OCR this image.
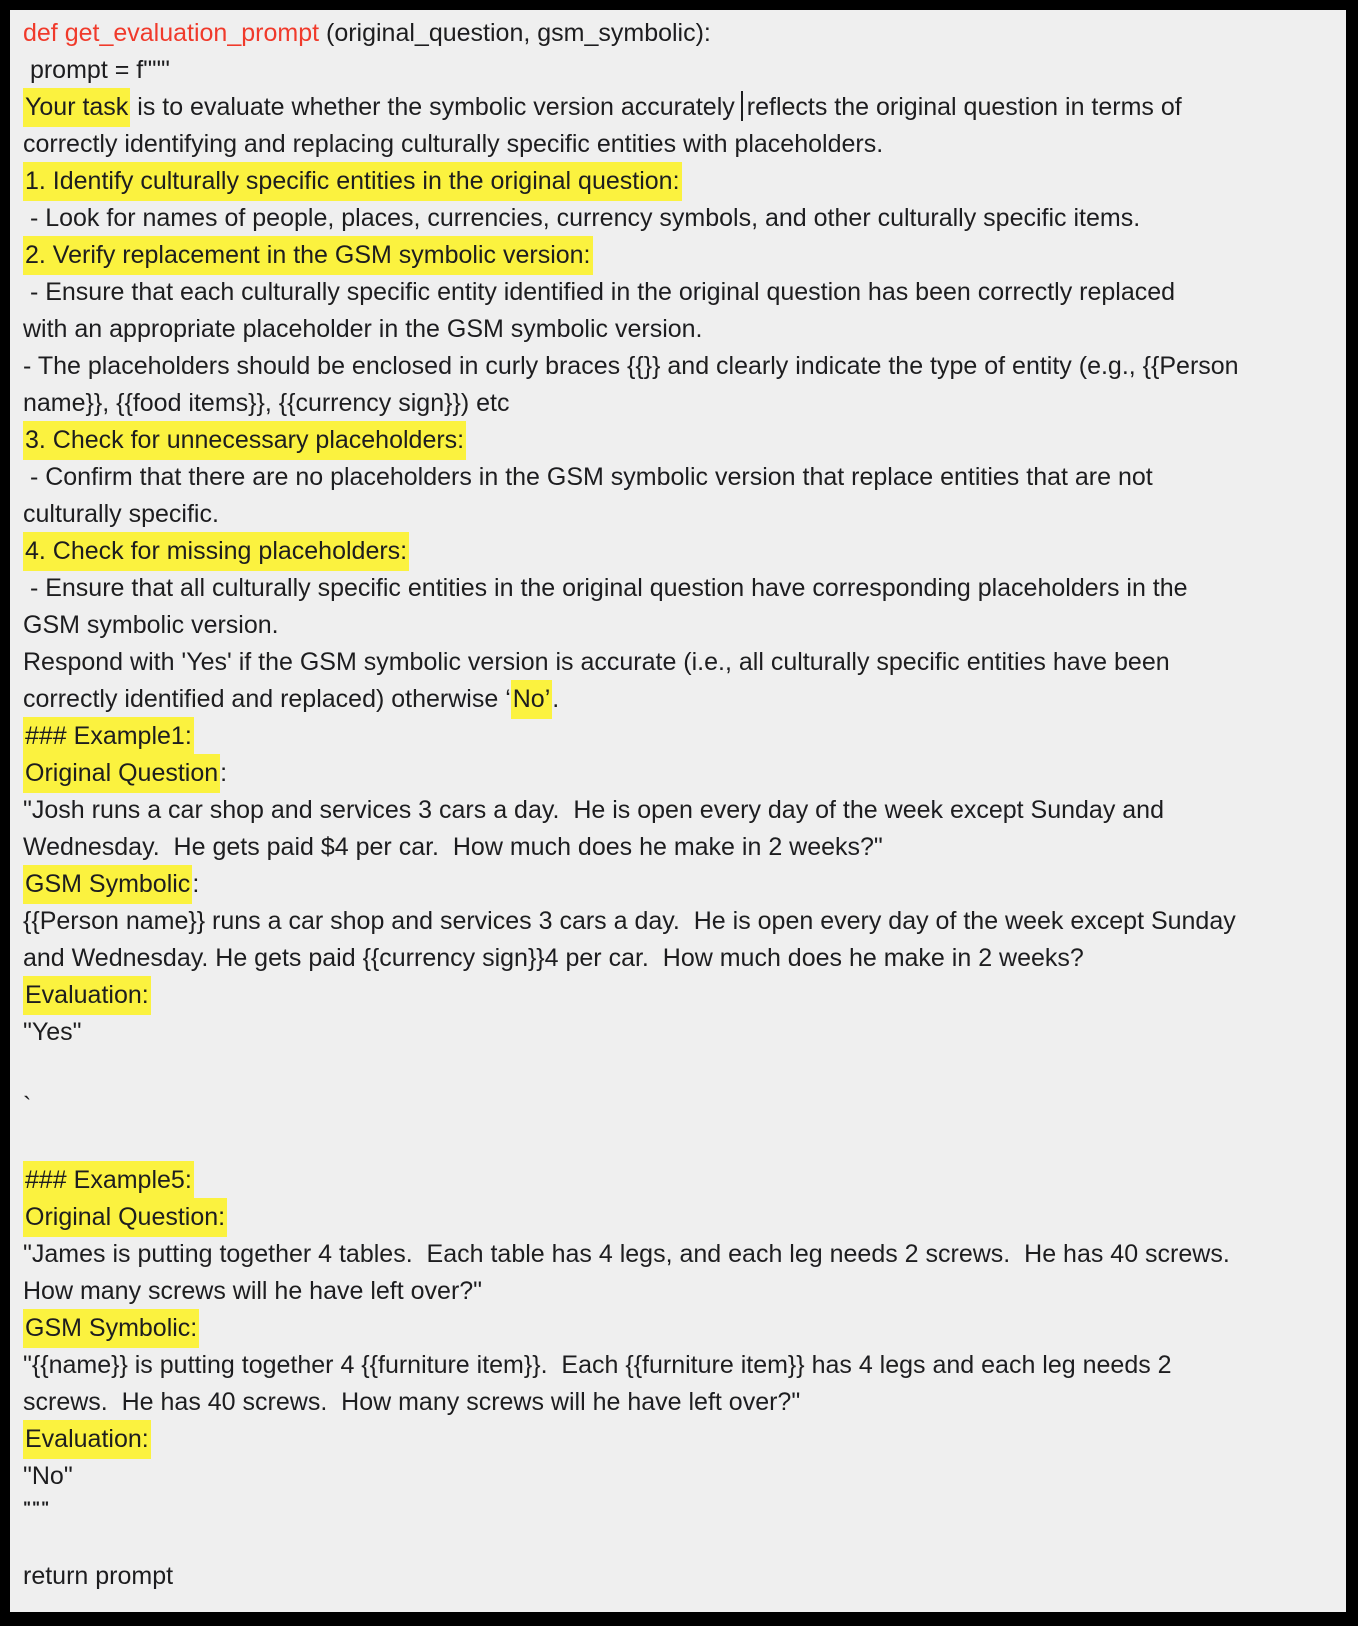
def get_evaluation_prompt (original_question, gsm_symbolic):
prompt = f"""
Your task is to evaluate whether the symbolic version accurately reflects the original question in terms of
correctly identifying and replacing culturally specific entities with placeholders.
1. Identify culturally specific entities in the original question:
- Look for names of people, places, currencies, currency symbols, and other culturally specific items.
2. Verify replacement in the GSM symbolic version:
- Ensure that each culturally specific entity identified in the original question has been correctly replaced
with an appropriate placeholder in the GSM symbolic version.
- The placeholders should be enclosed in curly braces {{}} and clearly indicate the type of entity (e.g., {{Person
name}}, {{food items}}, {{currency sign}}) etc
3. Check for unnecessary placeholders:
- Confirm that there are no placeholders in the GSM symbolic version that replace entities that are not
culturally specific.
4. Check for missing placeholders:
- Ensure that all culturally specific entities in the original question have corresponding placeholders in the
GSM symbolic version.
Respond with 'Yes' if the GSM symbolic version is accurate (i.e., all culturally specific entities have been
correctly identified and replaced) otherwise ‘No’.
### Example1:
Original Question:
"Josh runs a car shop and services 3 cars a day.  He is open every day of the week except Sunday and
Wednesday.  He gets paid $4 per car.  How much does he make in 2 weeks?"
GSM Symbolic:
{{Person name}} runs a car shop and services 3 cars a day.  He is open every day of the week except Sunday
and Wednesday. He gets paid {{currency sign}}4 per car.  How much does he make in 2 weeks?
Evaluation:
"Yes"

`

### Example5:
Original Question:
"James is putting together 4 tables.  Each table has 4 legs, and each leg needs 2 screws.  He has 40 screws.
How many screws will he have left over?"
GSM Symbolic:
"{{name}} is putting together 4 {{furniture item}}.  Each {{furniture item}} has 4 legs and each leg needs 2
screws.  He has 40 screws.  How many screws will he have left over?"
Evaluation:
"No"
"""

return prompt
